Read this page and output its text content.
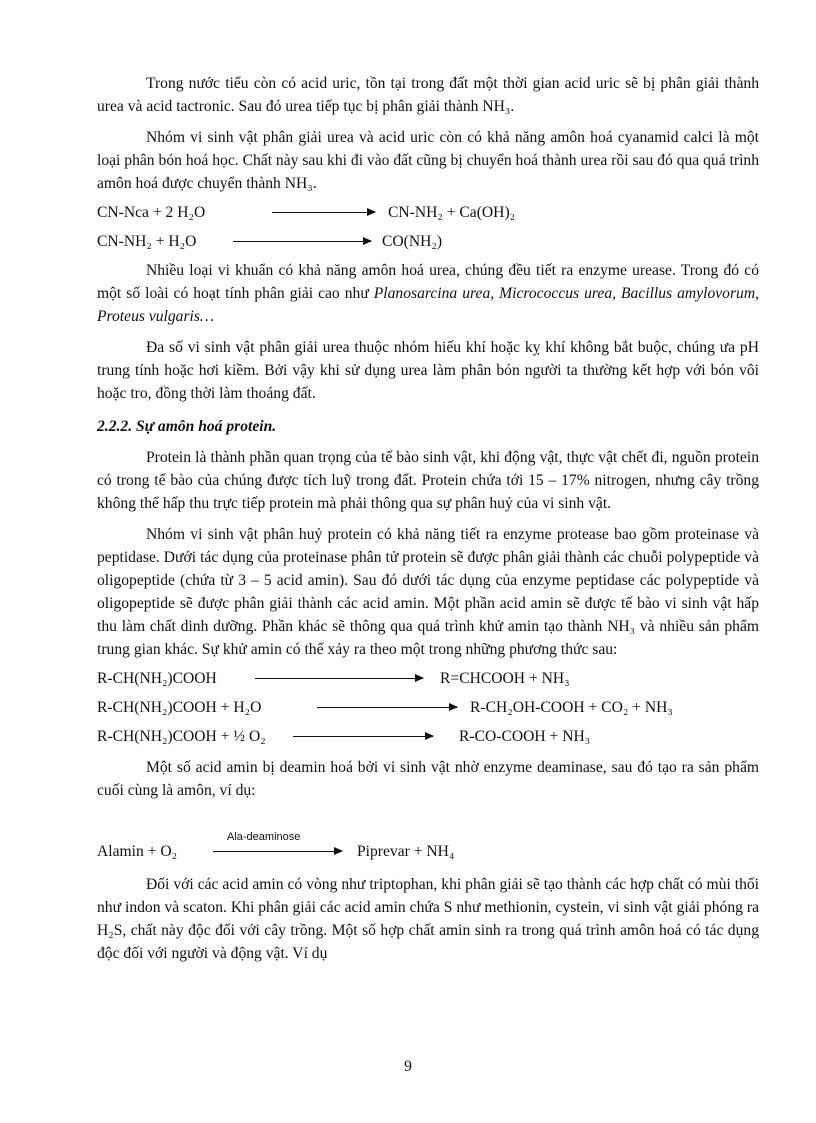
Trong nước tiểu còn có acid uric, tồn tại trong đất một thời gian acid uric sẽ bị phân giải thành urea và acid tactronic. Sau đó urea tiếp tục bị phân giải thành NH₃.

Nhóm vi sinh vật phân giải urea và acid uric còn có khả năng amôn hoá cyanamid calci là một loại phân bón hoá học. Chất này sau khi đi vào đất cũng bị chuyển hoá thành urea rồi sau đó qua quá trình amôn hoá được chuyển thành NH₃.

CN-Nca + 2 H₂O	CN-NH₂ + Ca(OH)₂
CN-NH₂ + H₂O	CO(NH₂)

Nhiều loại vi khuẩn có khả năng amôn hoá urea, chúng đều tiết ra enzyme urease. Trong đó có một số loài có hoạt tính phân giải cao như Planosarcina urea, Micrococcus urea, Bacillus amylovorum, Proteus vulgaris…

Đa số vi sinh vật phân giải urea thuộc nhóm hiếu khí hoặc kỵ khí không bắt buộc, chúng ưa pH trung tính hoặc hơi kiềm. Bởi vậy khi sử dụng urea làm phân bón người ta thường kết hợp với bón vôi hoặc tro, đồng thời làm thoáng đất.

2.2.2. Sự amôn hoá protein.

Protein là thành phần quan trọng của tế bào sinh vật, khi động vật, thực vật chết đi, nguồn protein có trong tế bào của chúng được tích luỹ trong đất. Protein chứa tới 15 – 17% nitrogen, nhưng cây trồng không thể hấp thu trực tiếp protein mà phải thông qua sự phân huỷ của vi sinh vật.

Nhóm vi sinh vật phân huỷ protein có khả năng tiết ra enzyme protease bao gồm proteinase và peptidase. Dưới tác dụng của proteinase phân tử protein sẽ được phân giải thành các chuỗi polypeptide và oligopeptide (chứa từ 3 – 5 acid amin). Sau đó dưới tác dụng của enzyme peptidase các polypeptide và oligopeptide sẽ được phân giải thành các acid amin. Một phần acid amin sẽ được tế bào vi sinh vật hấp thu làm chất dinh dưỡng. Phần khác sẽ thông qua quá trình khử amin tạo thành NH₃ và nhiều sản phẩm trung gian khác. Sự khử amin có thể xảy ra theo một trong những phương thức sau:

R-CH(NH₂)COOH	R=CHCOOH + NH₃
R-CH(NH₂)COOH + H₂O	R-CH₂OH-COOH + CO₂ + NH₃
R-CH(NH₂)COOH + ½ O₂	R-CO-COOH + NH₃

Một số acid amin bị deamin hoá bởi vi sinh vật nhờ enzyme deaminase, sau đó tạo ra sản phẩm cuối cùng là amôn, ví dụ:

Alamin + O₂
Ala-deaminose
Piprevar + NH₄

Đối với các acid amin có vòng như triptophan, khi phân giải sẽ tạo thành các hợp chất có mùi thối như indon và scaton. Khi phân giải các acid amin chứa S như methionin, cystein, vi sinh vật giải phóng ra H₂S, chất này độc đối với cây trồng. Một số hợp chất amin sinh ra trong quá trình amôn hoá có tác dụng độc đối với người và động vật. Ví dụ

9
